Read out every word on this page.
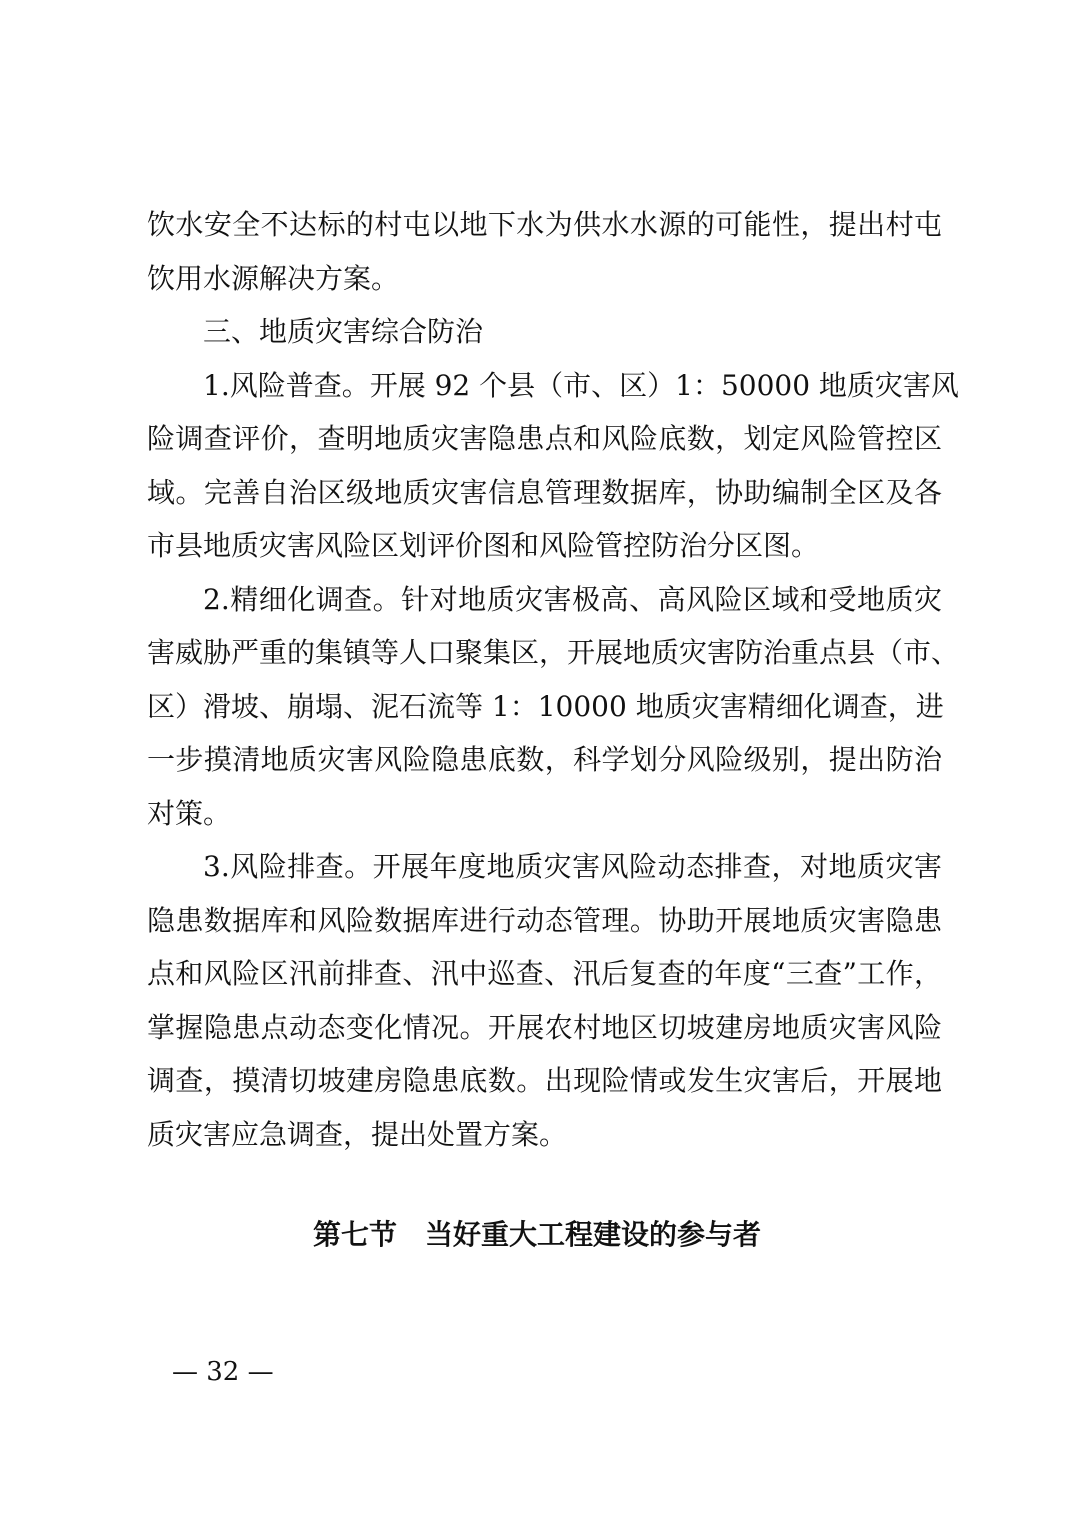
饮水安全不达标的村屯以地下水为供水水源的可能性，提出村屯
饮用水源解决方案。
三、地质灾害综合防治
1.风险普查。开展 92 个县（市、区）1：50000 地质灾害风
险调查评价，查明地质灾害隐患点和风险底数，划定风险管控区
域。完善自治区级地质灾害信息管理数据库，协助编制全区及各
市县地质灾害风险区划评价图和风险管控防治分区图。
2.精细化调查。针对地质灾害极高、高风险区域和受地质灾
害威胁严重的集镇等人口聚集区，开展地质灾害防治重点县（市、
区）滑坡、崩塌、泥石流等 1：10000 地质灾害精细化调查，进
一步摸清地质灾害风险隐患底数，科学划分风险级别，提出防治
对策。
3.风险排查。开展年度地质灾害风险动态排查，对地质灾害
隐患数据库和风险数据库进行动态管理。协助开展地质灾害隐患
点和风险区汛前排查、汛中巡查、汛后复查的年度“三查”工作，
掌握隐患点动态变化情况。开展农村地区切坡建房地质灾害风险
调查，摸清切坡建房隐患底数。出现险情或发生灾害后，开展地
质灾害应急调查，提出处置方案。
第七节　当好重大工程建设的参与者
— 32 —
